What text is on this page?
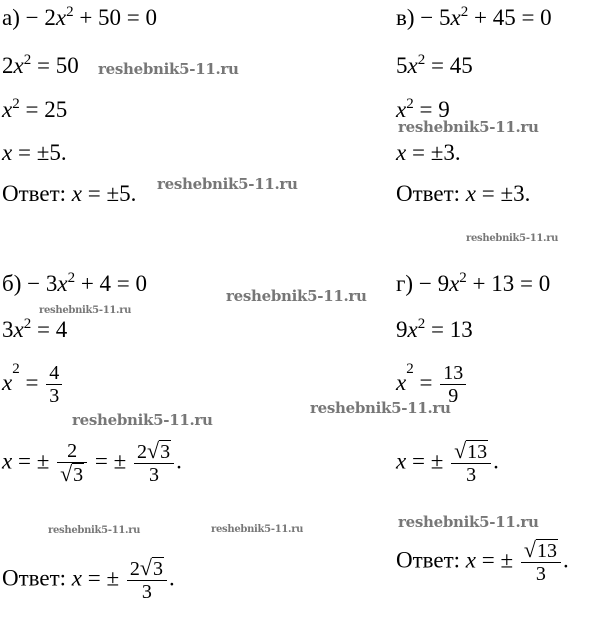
$а) - 2x^2 + 50 = 0$
$2x^2 = 50$
$x^2 = 25$
x = ±5.
Ответ: x = ±5.
$в) - 5x^2 + 45 = 0$
$5x^2 = 45$
$x^2 = 9$
x = ±3.
Ответ: x = ±3.
$б) - 3x^2 + 4 = 0$
$3x^2 = 4$
$x^2 = \frac{4}{3}$
x = ± $\frac{2}{√3}$ = ± $\frac{2√3}{3}$ .
Ответ: x = ± $\frac{2√3}{3}$ .
$г) - 9x^2 + 13 = 0$
$9x^2 = 13$
$x^2 = \frac{13}{9}$
x = ± $\frac{√13}{3}$ .
Ответ: x = ± $\frac{√13}{3}$ .
reshebnik5-11.ru
reshebnik5-11.ru
reshebnik5-11.ru
reshebnik5-11.ru
reshebnik5-11.ru
reshebnik5-11.ru
reshebnik5-11.ru
reshebnik5-11.ru
reshebnik5-11.ru	reshebnik5-11.ru	reshebnik5-11.ru
